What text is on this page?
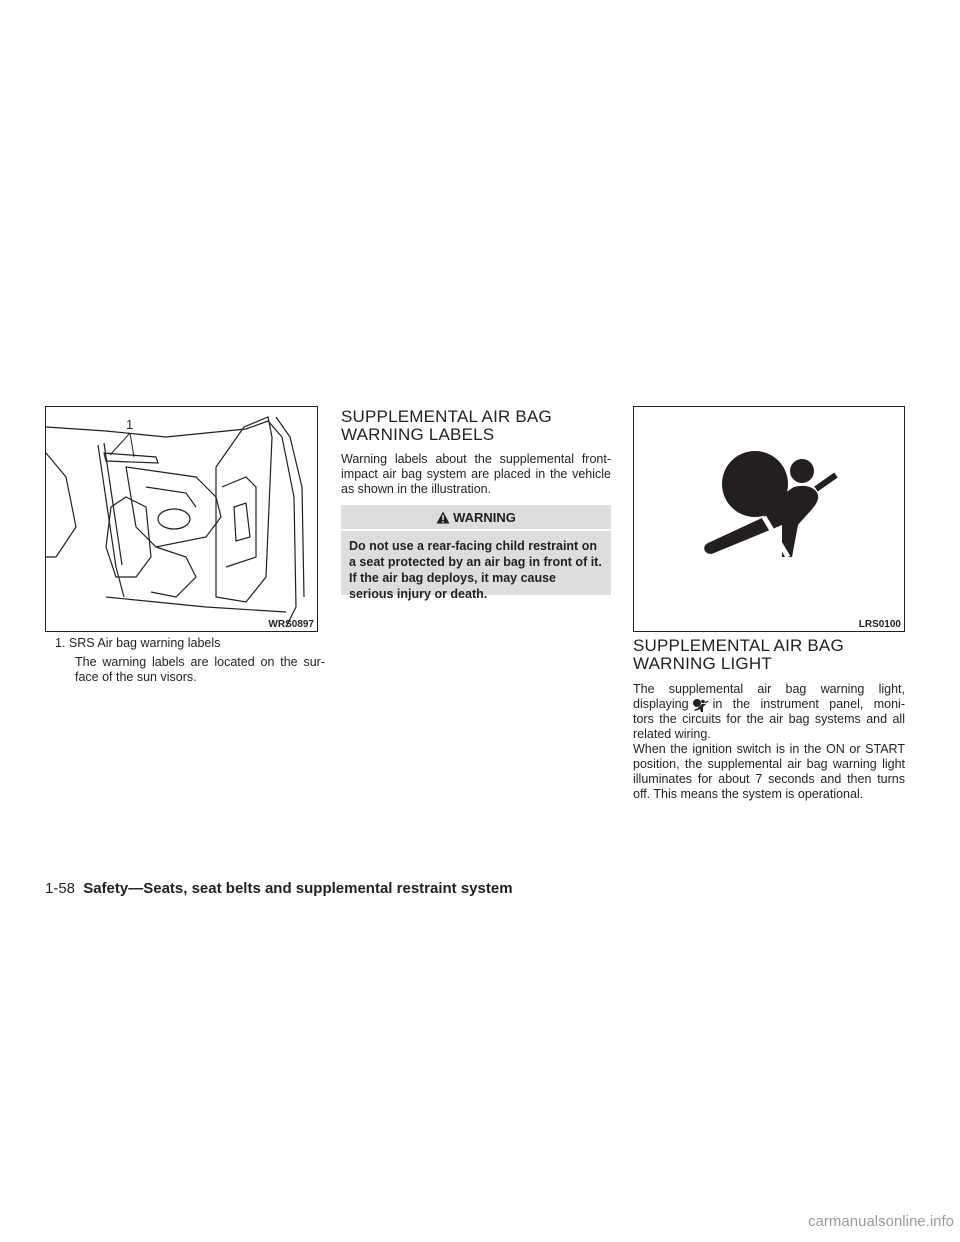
1
WRS0897
1. SRS Air bag warning labels
The warning labels are located on the sur-face of the sun visors.
SUPPLEMENTAL AIR BAG
WARNING LABELS
Warning labels about the supplemental front-impact air bag system are placed in the vehicle as shown in the illustration.
WARNING
Do not use a rear-facing child restraint on a seat protected by an air bag in front of it. If the air bag deploys, it may cause serious injury or death.
LRS0100
SUPPLEMENTAL AIR BAG
WARNING LIGHT
The supplemental air bag warning light,
displaying in the instrument panel, moni-
tors the circuits for the air bag systems and all related wiring.
When the ignition switch is in the ON or START position, the supplemental air bag warning light illuminates for about 7 seconds and then turns off. This means the system is operational.
1-58 Safety—Seats, seat belts and supplemental restraint system
carmanualsonline.info
